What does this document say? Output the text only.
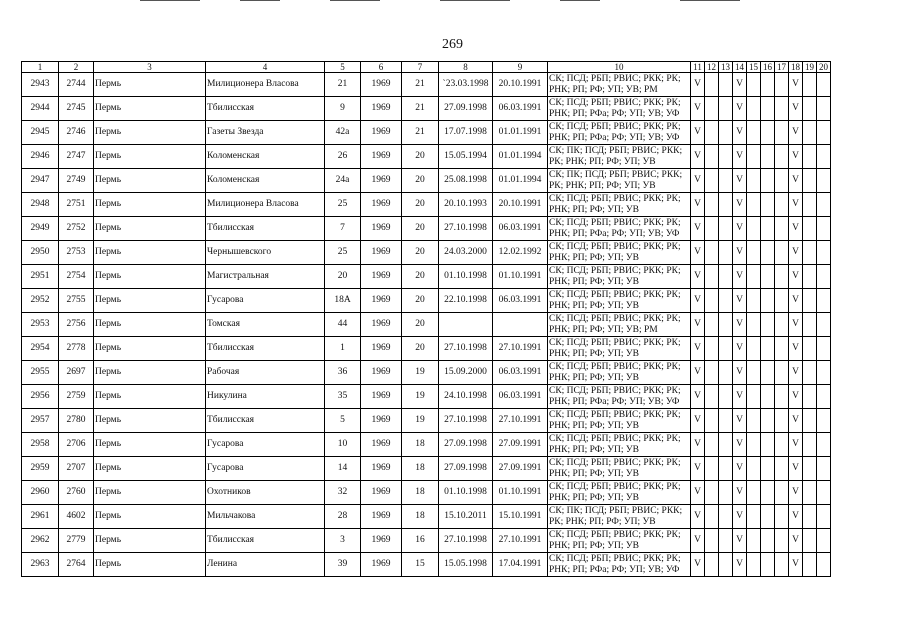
269
1	2	3	4	5	6	7	8	9	10	11	12	13	14	15	16	17	18	19	20
2943	2744	Пермь	Милиционера Власова	21	1969	21	`23.03.1998	20.10.1991	СК; ПСД; РБП; РВИС; РКК; РК; РНК; РП; РФ; УП; УВ; РМ	V			V				V		
2944	2745	Пермь	Тбилисская	9	1969	21	27.09.1998	06.03.1991	СК; ПСД; РБП; РВИС; РКК; РК; РНК; РП; РФа; РФ; УП; УВ; УФ	V			V				V		
2945	2746	Пермь	Газеты Звезда	42а	1969	21	17.07.1998	01.01.1991	СК; ПСД; РБП; РВИС; РКК; РК; РНК; РП; РФа; РФ; УП; УВ; УФ	V			V				V		
2946	2747	Пермь	Коломенская	26	1969	20	15.05.1994	01.01.1994	СК; ПК; ПСД; РБП; РВИС; РКК; РК; РНК; РП; РФ; УП; УВ	V			V				V		
2947	2749	Пермь	Коломенская	24а	1969	20	25.08.1998	01.01.1994	СК; ПК; ПСД; РБП; РВИС; РКК; РК; РНК; РП; РФ; УП; УВ	V			V				V		
2948	2751	Пермь	Милиционера Власова	25	1969	20	20.10.1993	20.10.1991	СК; ПСД; РБП; РВИС; РКК; РК; РНК; РП; РФ; УП; УВ	V			V				V		
2949	2752	Пермь	Тбилисская	7	1969	20	27.10.1998	06.03.1991	СК; ПСД; РБП; РВИС; РКК; РК; РНК; РП; РФа; РФ; УП; УВ; УФ	V			V				V		
2950	2753	Пермь	Чернышевского	25	1969	20	24.03.2000	12.02.1992	СК; ПСД; РБП; РВИС; РКК; РК; РНК; РП; РФ; УП; УВ	V			V				V		
2951	2754	Пермь	Магистральная	20	1969	20	01.10.1998	01.10.1991	СК; ПСД; РБП; РВИС; РКК; РК; РНК; РП; РФ; УП; УВ	V			V				V		
2952	2755	Пермь	Гусарова	18А	1969	20	22.10.1998	06.03.1991	СК; ПСД; РБП; РВИС; РКК; РК; РНК; РП; РФ; УП; УВ	V			V				V		
2953	2756	Пермь	Томская	44	1969	20			СК; ПСД; РБП; РВИС; РКК; РК; РНК; РП; РФ; УП; УВ; РМ	V			V				V		
2954	2778	Пермь	Тбилисская	1	1969	20	27.10.1998	27.10.1991	СК; ПСД; РБП; РВИС; РКК; РК; РНК; РП; РФ; УП; УВ	V			V				V		
2955	2697	Пермь	Рабочая	36	1969	19	15.09.2000	06.03.1991	СК; ПСД; РБП; РВИС; РКК; РК; РНК; РП; РФ; УП; УВ	V			V				V		
2956	2759	Пермь	Никулина	35	1969	19	24.10.1998	06.03.1991	СК; ПСД; РБП; РВИС; РКК; РК; РНК; РП; РФа; РФ; УП; УВ; УФ	V			V				V		
2957	2780	Пермь	Тбилисская	5	1969	19	27.10.1998	27.10.1991	СК; ПСД; РБП; РВИС; РКК; РК; РНК; РП; РФ; УП; УВ	V			V				V		
2958	2706	Пермь	Гусарова	10	1969	18	27.09.1998	27.09.1991	СК; ПСД; РБП; РВИС; РКК; РК; РНК; РП; РФ; УП; УВ	V			V				V		
2959	2707	Пермь	Гусарова	14	1969	18	27.09.1998	27.09.1991	СК; ПСД; РБП; РВИС; РКК; РК; РНК; РП; РФ; УП; УВ	V			V				V		
2960	2760	Пермь	Охотников	32	1969	18	01.10.1998	01.10.1991	СК; ПСД; РБП; РВИС; РКК; РК; РНК; РП; РФ; УП; УВ	V			V				V		
2961	4602	Пермь	Мильчакова	28	1969	18	15.10.2011	15.10.1991	СК; ПК; ПСД; РБП; РВИС; РКК; РК; РНК; РП; РФ; УП; УВ	V			V				V		
2962	2779	Пермь	Тбилисская	3	1969	16	27.10.1998	27.10.1991	СК; ПСД; РБП; РВИС; РКК; РК; РНК; РП; РФ; УП; УВ	V			V				V		
2963	2764	Пермь	Ленина	39	1969	15	15.05.1998	17.04.1991	СК; ПСД; РБП; РВИС; РКК; РК; РНК; РП; РФа; РФ; УП; УВ; УФ	V			V				V		
